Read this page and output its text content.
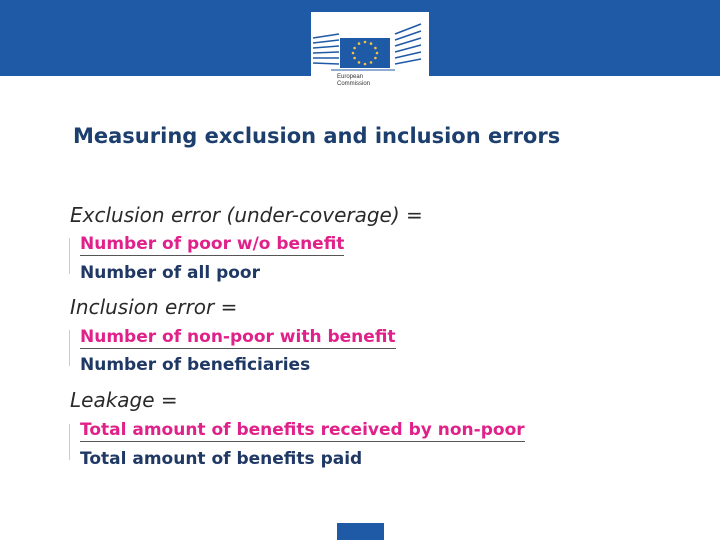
European
Commission
Measuring exclusion and inclusion errors

Exclusion error (under-coverage) =

Number of poor w/o benefit

Number of all poor

Inclusion error =

Number of non-poor with benefit

Number of beneficiaries

Leakage =

Total amount of benefits received by non-poor

Total amount of benefits paid
